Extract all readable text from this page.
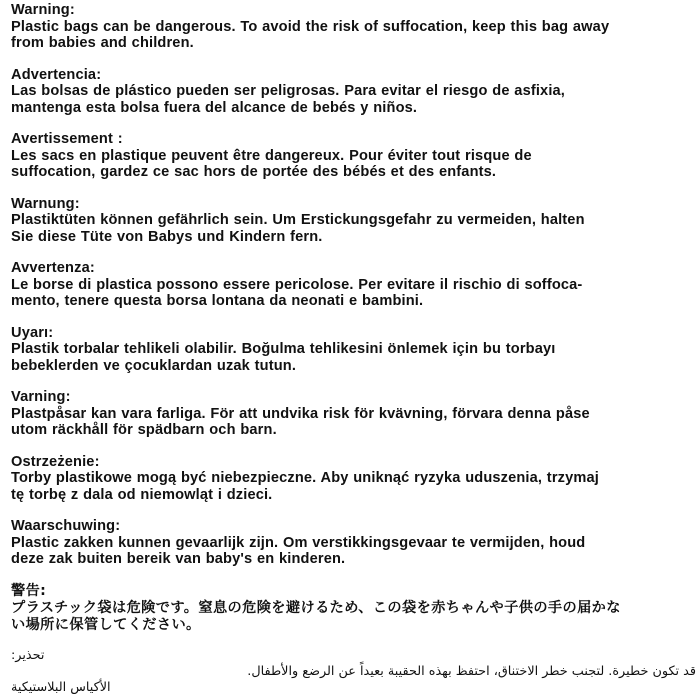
Warning:
Plastic bags can be dangerous. To avoid the risk of suffocation, keep this bag away
from babies and children.
Advertencia:
Las bolsas de plástico pueden ser peligrosas. Para evitar el riesgo de asfixia,
mantenga esta bolsa fuera del alcance de bebés y niños.
Avertissement :
Les sacs en plastique peuvent être dangereux. Pour éviter tout risque de
suffocation, gardez ce sac hors de portée des bébés et des enfants.
Warnung:
Plastiktüten können gefährlich sein. Um Erstickungsgefahr zu vermeiden, halten
Sie diese Tüte von Babys und Kindern fern.
Avvertenza:
Le borse di plastica possono essere pericolose. Per evitare il rischio di soffoca-
mento, tenere questa borsa lontana da neonati e bambini.
Uyarı:
Plastik torbalar tehlikeli olabilir. Boğulma tehlikesini önlemek için bu torbayı
bebeklerden ve çocuklardan uzak tutun.
Varning:
Plastpåsar kan vara farliga. För att undvika risk för kvävning, förvara denna påse
utom räckhåll för spädbarn och barn.
Ostrzeżenie:
Torby plastikowe mogą być niebezpieczne. Aby uniknąć ryzyka uduszenia, trzymaj
tę torbę z dala od niemowląt i dzieci.
Waarschuwing:
Plastic zakken kunnen gevaarlijk zijn. Om verstikkingsgevaar te vermijden, houd
deze zak buiten bereik van baby's en kinderen.
警告:
プラスチック袋は危険です。窒息の危険を避けるため、この袋を赤ちゃんや子供の手の届かな
い場所に保管してください。
تحذير:
قد تكون خطيرة. لتجنب خطر الاختناق، احتفظ بهذه الحقيبة بعيداً عن الرضع والأطفال.
الأكياس البلاستيكية
